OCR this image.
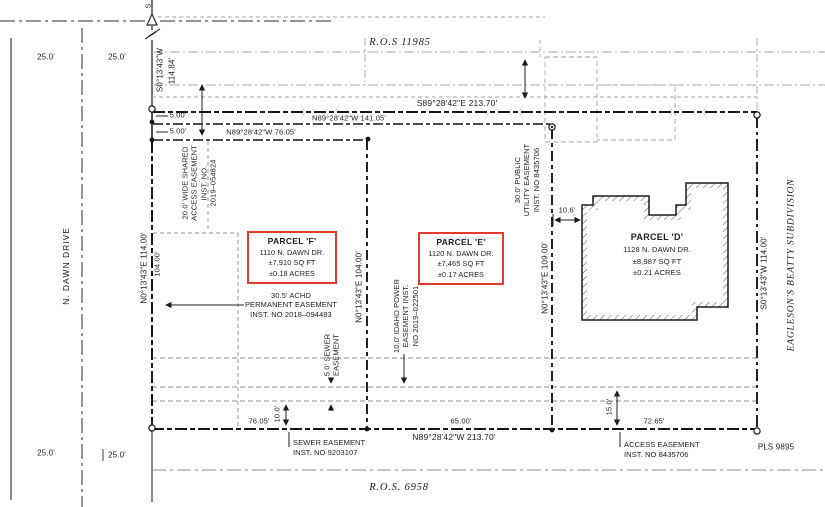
25.0'	25.0'
25.0'	25.0'
R.O.S 11985
S
S0°13'43"W 114.84'
S89°28'42"E 213.70'
5.00'
5.00'
N89°28'42"W 141.05'
N89°28'42"W 76.05'
20.0' WIDE SHARED ACCESS EASEMENT INST. NO. 2019–054824
N0°13'43"E 114.00' 104.00'
N. DAWN DRIVE	PARCEL 'F'
1110 N. DAWN DR.
±7,910 SQ FT
±0.18 ACRES
30.5' ACHD
PERMANENT EASEMENT
INST. NO 2018–094483	N0°13'43"E 104.00'	10.0' IDAHO POWER EASEMENT INST. NO 2019–022501
PARCEL 'E'
1120 N. DAWN DR.
±7,465 SQ FT
±0.17 ACRES
30.0' PUBLIC UTILITY EASEMENT INST. NO 8435706 10.6'
PARCEL 'D'
1128 N. DAWN DR.
±8,987 SQ FT
±0.21 ACRES
N0°13'43"E 109.00'	S0°13'43"W 114.00' EAGLESON'S BEATTY SUBDIVISION
5.0' SEWER EASEMENT
10.0'
76.05'
SEWER EASEMENT
INST. NO 9203107
65.00'
N89°28'42"W 213.70'
15.0'
72.65'
ACCESS EASEMENT
INST. NO 8435706
PLS 9895
R.O.S. 6958
